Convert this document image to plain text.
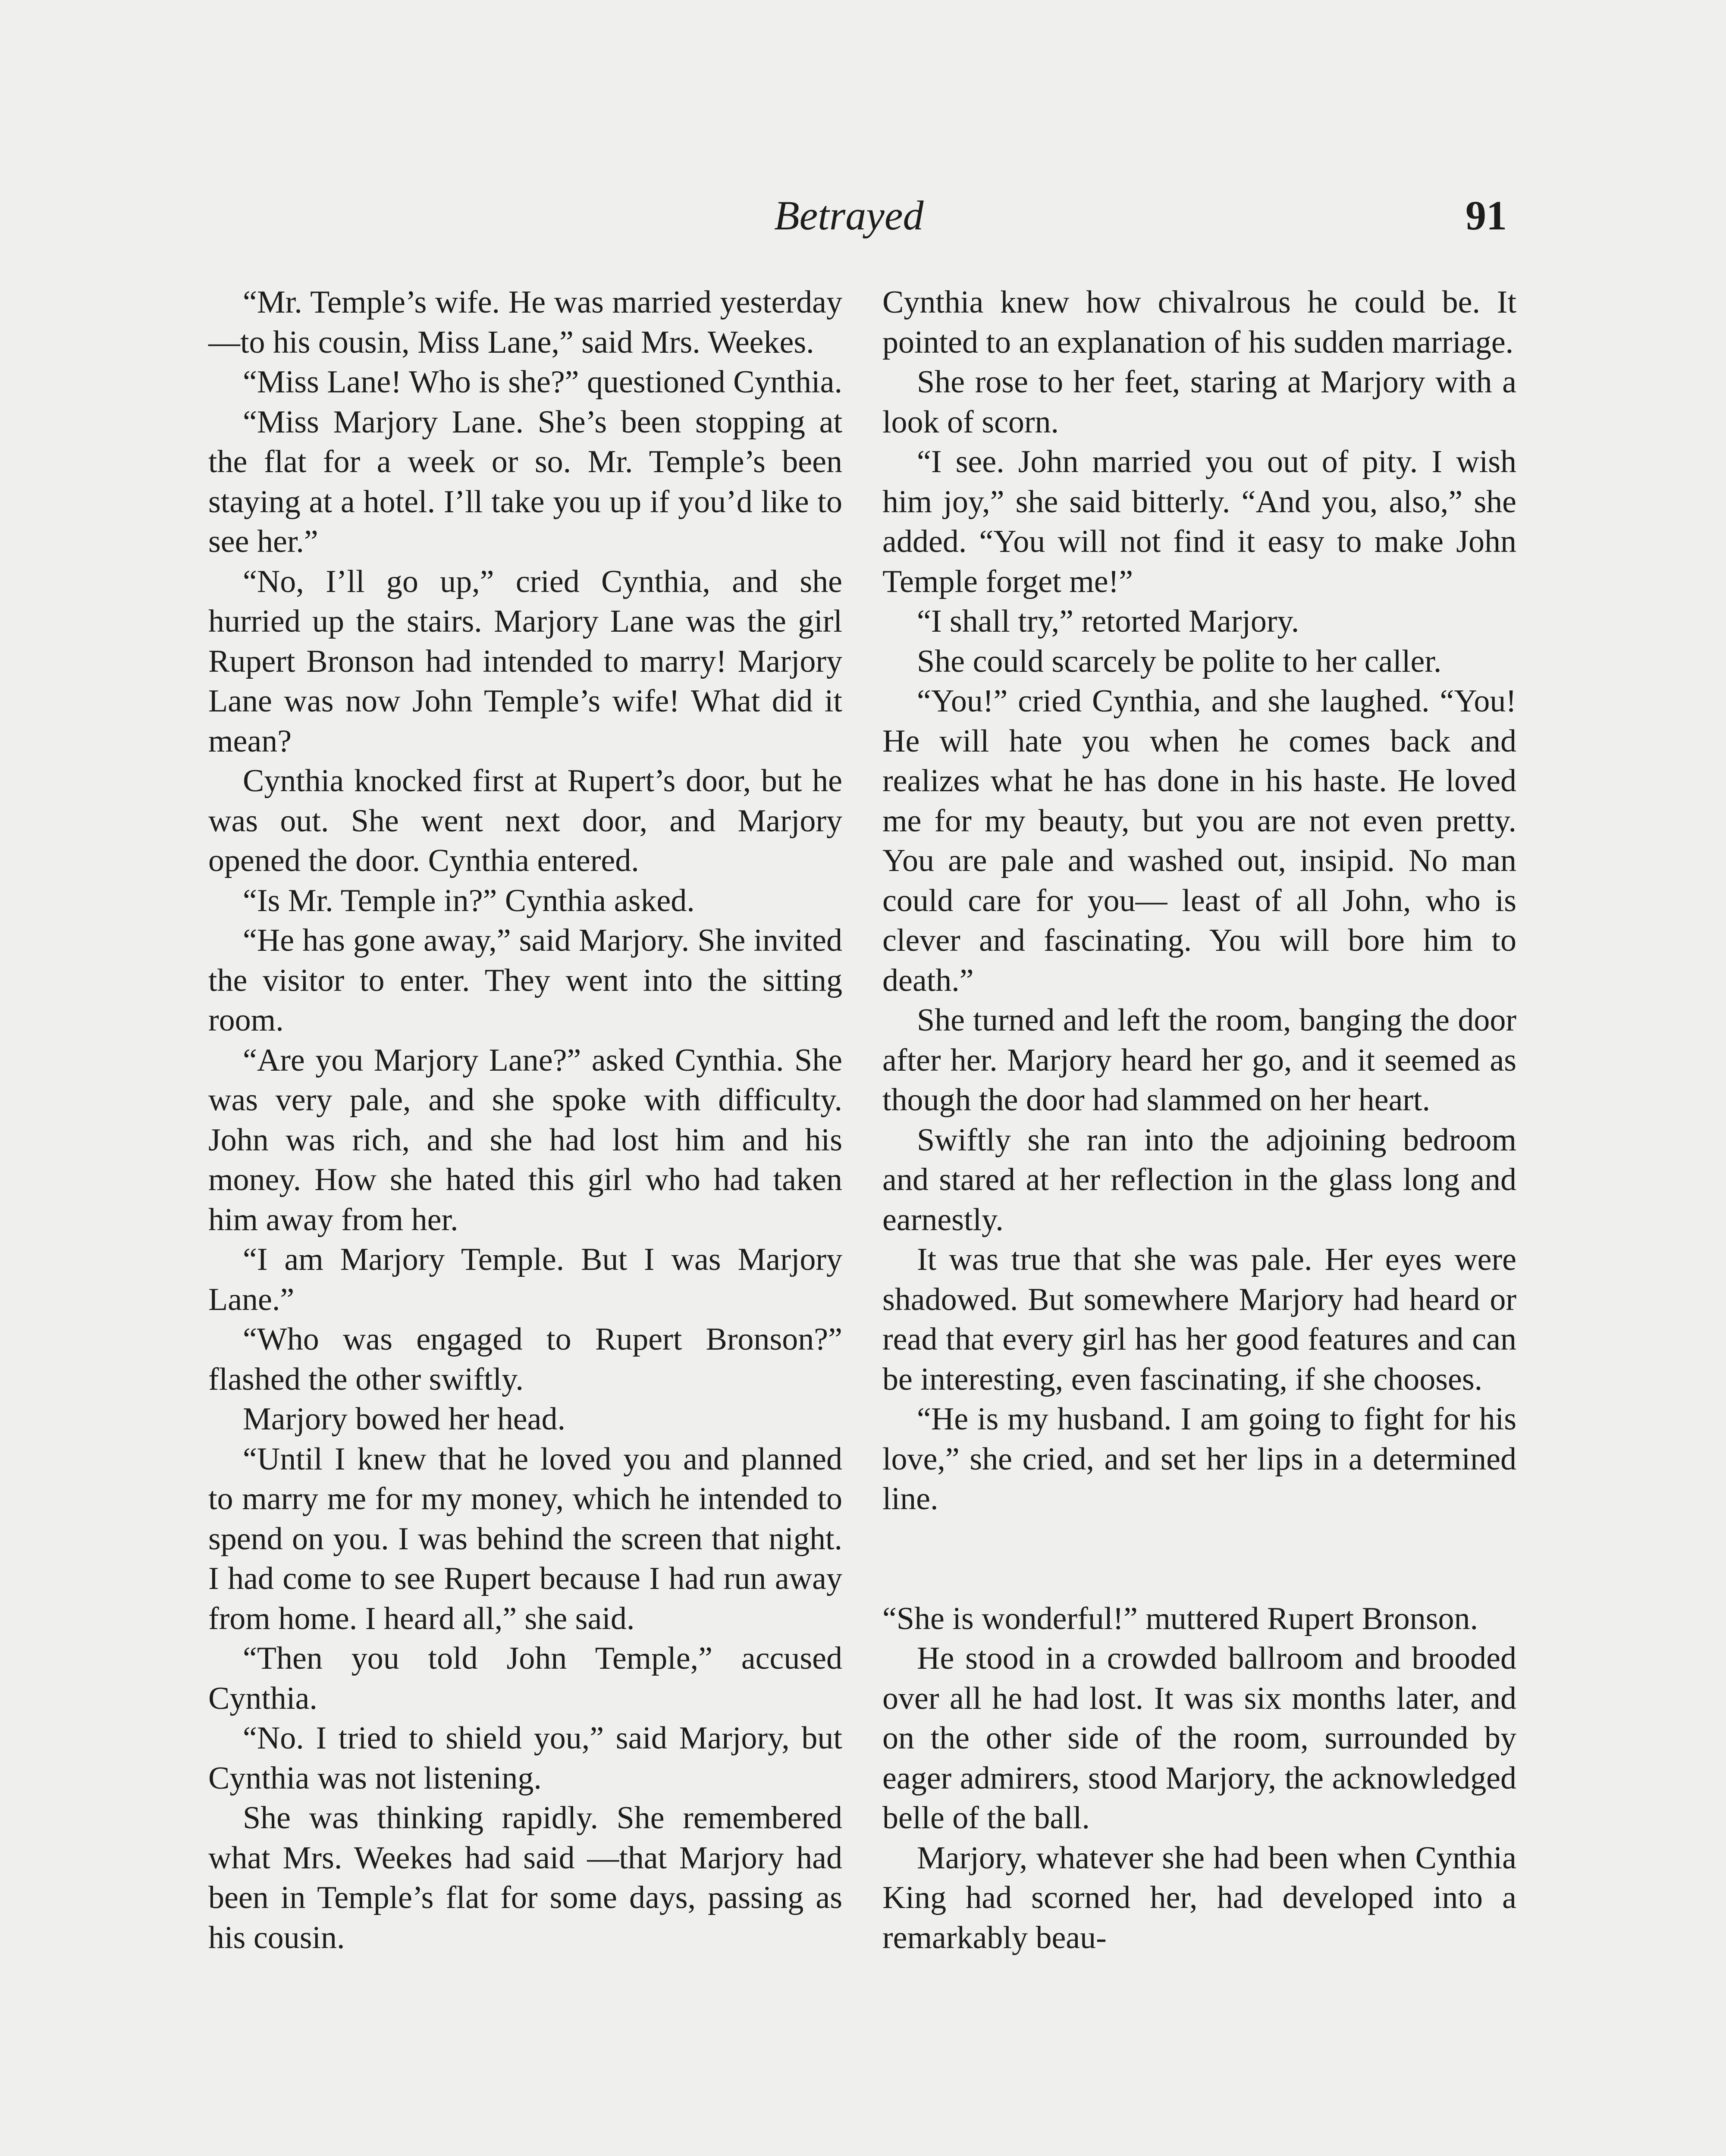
Betrayed	91

“Mr. Temple’s wife. He was married yesterday—to his cousin, Miss Lane,” said Mrs. Weekes.

“Miss Lane! Who is she?” questioned Cynthia.

“Miss Marjory Lane. She’s been stopping at the flat for a week or so. Mr. Temple’s been staying at a hotel. I’ll take you up if you’d like to see her.”

“No, I’ll go up,” cried Cynthia, and she hurried up the stairs. Marjory Lane was the girl Rupert Bronson had intended to marry! Marjory Lane was now John Temple’s wife! What did it mean?

Cynthia knocked first at Rupert’s door, but he was out. She went next door, and Marjory opened the door. Cynthia entered.

“Is Mr. Temple in?” Cynthia asked.

“He has gone away,” said Marjory. She invited the visitor to enter. They went into the sitting room.

“Are you Marjory Lane?” asked Cynthia. She was very pale, and she spoke with difficulty. John was rich, and she had lost him and his money. How she hated this girl who had taken him away from her.

“I am Marjory Temple. But I was Marjory Lane.”

“Who was engaged to Rupert Bronson?” flashed the other swiftly.

Marjory bowed her head.

“Until I knew that he loved you and planned to marry me for my money, which he intended to spend on you. I was behind the screen that night. I had come to see Rupert because I had run away from home. I heard all,” she said.

“Then you told John Temple,” accused Cynthia.

“No. I tried to shield you,” said Marjory, but Cynthia was not listening.

She was thinking rapidly. She remembered what Mrs. Weekes had said —that Marjory had been in Temple’s flat for some days, passing as his cousin.

Cynthia knew how chivalrous he could be. It pointed to an explanation of his sudden marriage.

She rose to her feet, staring at Marjory with a look of scorn.

“I see. John married you out of pity. I wish him joy,” she said bitterly. “And you, also,” she added. “You will not find it easy to make John Temple forget me!”

“I shall try,” retorted Marjory.

She could scarcely be polite to her caller.

“You!” cried Cynthia, and she laughed. “You! He will hate you when he comes back and realizes what he has done in his haste. He loved me for my beauty, but you are not even pretty. You are pale and washed out, insipid. No man could care for you— least of all John, who is clever and fascinating. You will bore him to death.”

She turned and left the room, banging the door after her. Marjory heard her go, and it seemed as though the door had slammed on her heart.

Swiftly she ran into the adjoining bedroom and stared at her reflection in the glass long and earnestly.

It was true that she was pale. Her eyes were shadowed. But somewhere Marjory had heard or read that every girl has her good features and can be interesting, even fascinating, if she chooses.

“He is my husband. I am going to fight for his love,” she cried, and set her lips in a determined line.

“She is wonderful!” muttered Rupert Bronson.

He stood in a crowded ballroom and brooded over all he had lost. It was six months later, and on the other side of the room, surrounded by eager admirers, stood Marjory, the acknowledged belle of the ball.

Marjory, whatever she had been when Cynthia King had scorned her, had developed into a remarkably beau-
